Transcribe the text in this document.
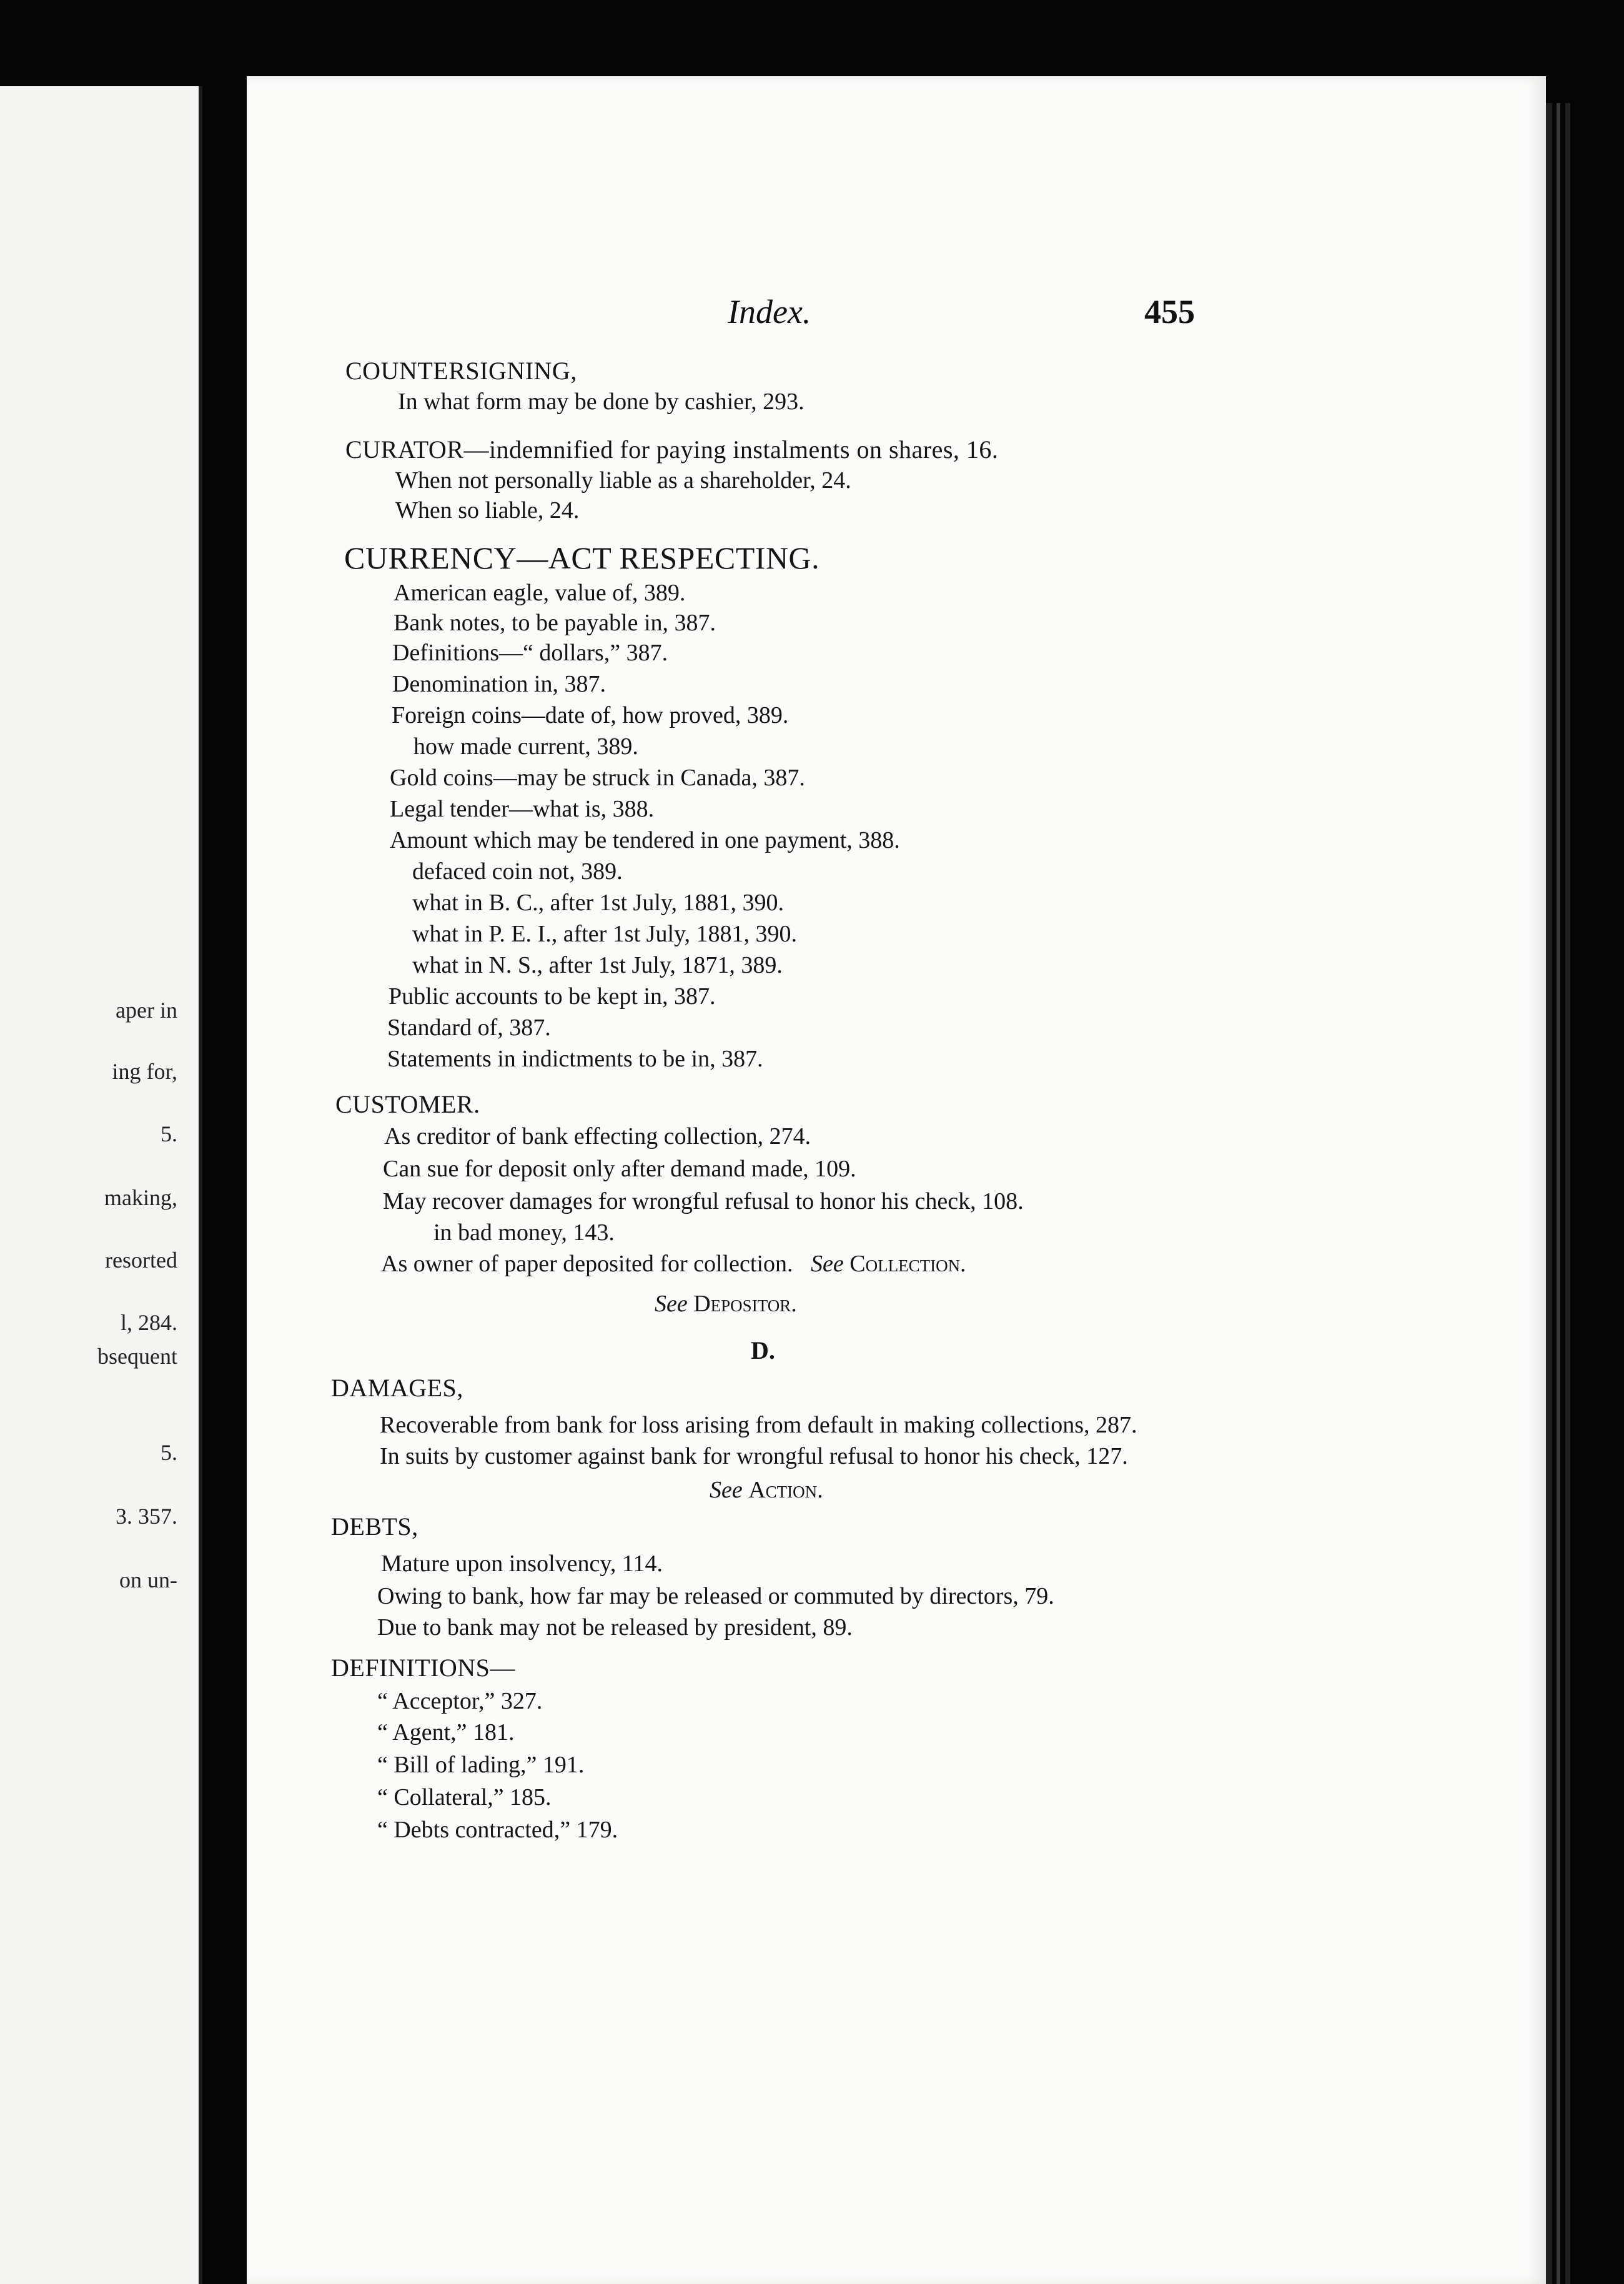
aper in
ing for,
5.
making,
resorted
l, 284.
bsequent
5.
3. 357.
on un-
Index.	455
COUNTERSIGNING,
In what form may be done by cashier, 293.
CURATOR—indemnified for paying instalments on shares, 16.
When not personally liable as a shareholder, 24.
When so liable, 24.
CURRENCY—ACT RESPECTING.
American eagle, value of, 389.
Bank notes, to be payable in, 387.
Definitions—“ dollars,” 387.
Denomination in, 387.
Foreign coins—date of, how proved, 389.
how made current, 389.
Gold coins—may be struck in Canada, 387.
Legal tender—what is, 388.
Amount which may be tendered in one payment, 388.
defaced coin not, 389.
what in B. C., after 1st July, 1881, 390.
what in P. E. I., after 1st July, 1881, 390.
what in N. S., after 1st July, 1871, 389.
Public accounts to be kept in, 387.
Standard of, 387.
Statements in indictments to be in, 387.
CUSTOMER.
As creditor of bank effecting collection, 274.
Can sue for deposit only after demand made, 109.
May recover damages for wrongful refusal to honor his check, 108.
in bad money, 143.
As owner of paper deposited for collection. See Collection.
See Depositor.
D.
DAMAGES,
Recoverable from bank for loss arising from default in making collections, 287.
In suits by customer against bank for wrongful refusal to honor his check, 127.
See Action.
DEBTS,
Mature upon insolvency, 114.
Owing to bank, how far may be released or commuted by directors, 79.
Due to bank may not be released by president, 89.
DEFINITIONS—
“ Acceptor,” 327.
“ Agent,” 181.
“ Bill of lading,” 191.
“ Collateral,” 185.
“ Debts contracted,” 179.
